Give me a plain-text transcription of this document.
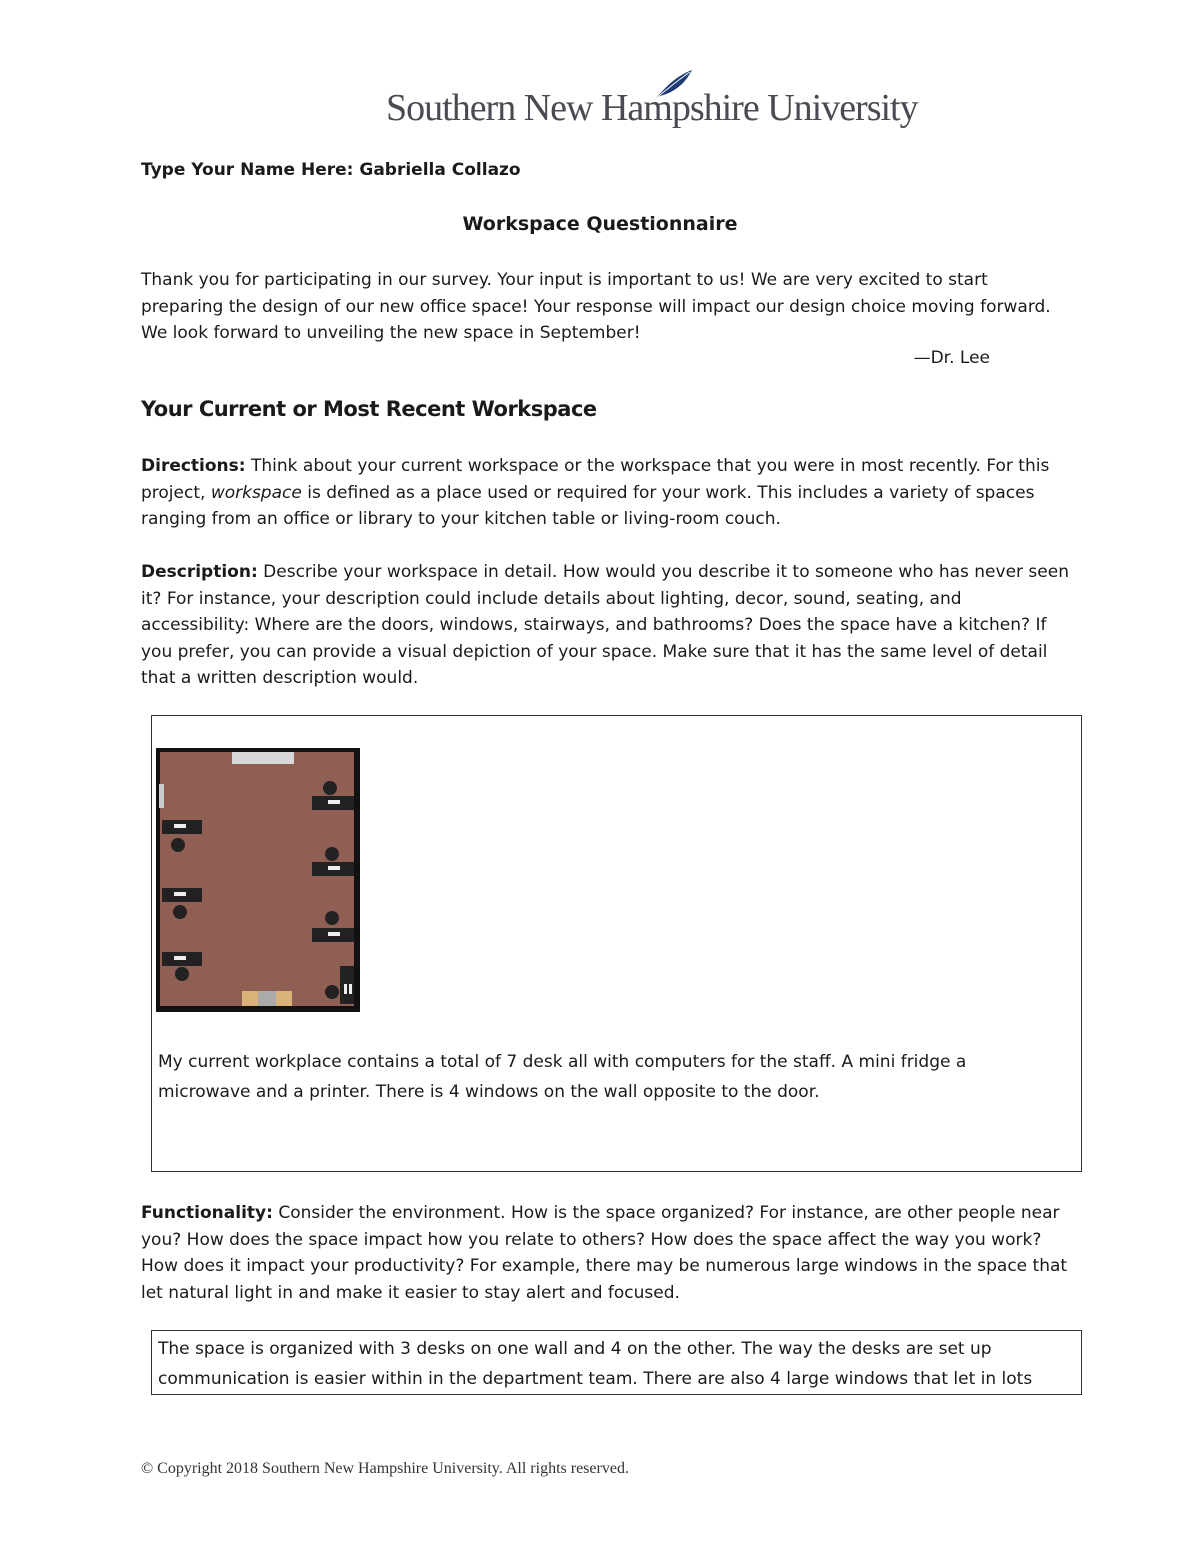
Southern New Hampshire University
Type Your Name Here: Gabriella Collazo
Workspace Questionnaire
Thank you for participating in our survey. Your input is important to us! We are very excited to start preparing the design of our new office space! Your response will impact our design choice moving forward. We look forward to unveiling the new space in September!
—Dr. Lee
Your Current or Most Recent Workspace
Directions: Think about your current workspace or the workspace that you were in most recently. For this project, workspace is defined as a place used or required for your work. This includes a variety of spaces ranging from an office or library to your kitchen table or living-room couch.
Description: Describe your workspace in detail. How would you describe it to someone who has never seen it? For instance, your description could include details about lighting, decor, sound, seating, and accessibility: Where are the doors, windows, stairways, and bathrooms? Does the space have a kitchen? If you prefer, you can provide a visual depiction of your space. Make sure that it has the same level of detail that a written description would.
My current workplace contains a total of 7 desk all with computers for the staff. A mini fridge a microwave and a printer. There is 4 windows on the wall opposite to the door.
Functionality: Consider the environment. How is the space organized? For instance, are other people near you? How does the space impact how you relate to others? How does the space affect the way you work? How does it impact your productivity? For example, there may be numerous large windows in the space that let natural light in and make it easier to stay alert and focused.
The space is organized with 3 desks on one wall and 4 on the other. The way the desks are set up communication is easier within in the department team. There are also 4 large windows that let in lots
© Copyright 2018 Southern New Hampshire University. All rights reserved.
